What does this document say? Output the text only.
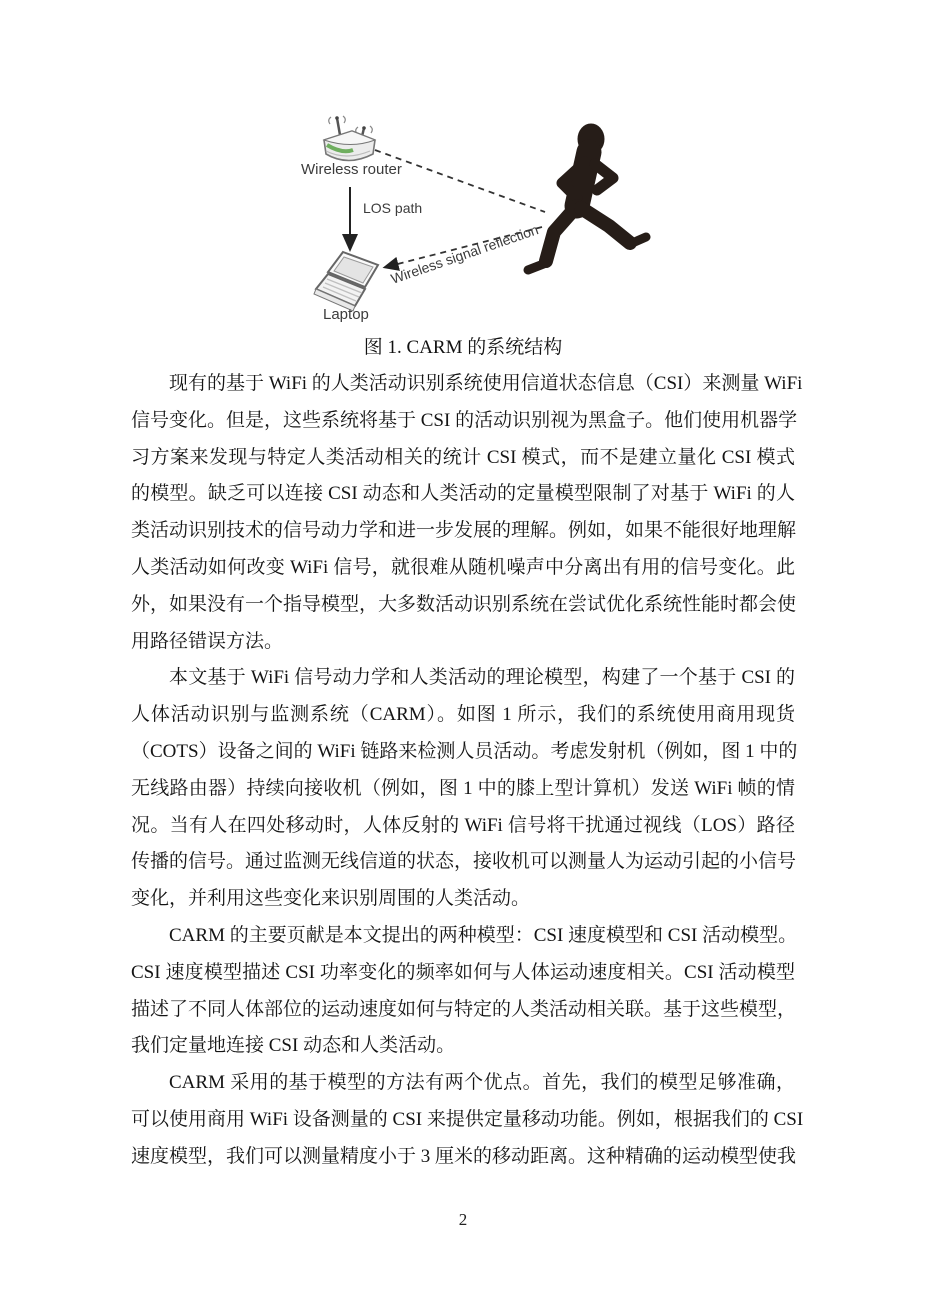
Wireless router
LOS path
Laptop
Wireless signal reflection
图 1. CARM 的系统结构
现有的基于 WiFi 的人类活动识别系统使用信道状态信息（CSI）来测量 WiFi
信号变化。但是，这些系统将基于 CSI 的活动识别视为黑盒子。他们使用机器学
习方案来发现与特定人类活动相关的统计 CSI 模式，而不是建立量化 CSI 模式
的模型。缺乏可以连接 CSI 动态和人类活动的定量模型限制了对基于 WiFi 的人
类活动识别技术的信号动力学和进一步发展的理解。例如，如果不能很好地理解
人类活动如何改变 WiFi 信号，就很难从随机噪声中分离出有用的信号变化。此
外，如果没有一个指导模型，大多数活动识别系统在尝试优化系统性能时都会使
用路径错误方法。
本文基于 WiFi 信号动力学和人类活动的理论模型，构建了一个基于 CSI 的
人体活动识别与监测系统（CARM）。如图 1 所示，我们的系统使用商用现货
（COTS）设备之间的 WiFi 链路来检测人员活动。考虑发射机（例如，图 1 中的
无线路由器）持续向接收机（例如，图 1 中的膝上型计算机）发送 WiFi 帧的情
况。当有人在四处移动时，人体反射的 WiFi 信号将干扰通过视线（LOS）路径
传播的信号。通过监测无线信道的状态，接收机可以测量人为运动引起的小信号
变化，并利用这些变化来识别周围的人类活动。
CARM 的主要页献是本文提出的两种模型：CSI 速度模型和 CSI 活动模型。
CSI 速度模型描述 CSI 功率变化的频率如何与人体运动速度相关。CSI 活动模型
描述了不同人体部位的运动速度如何与特定的人类活动相关联。基于这些模型，
我们定量地连接 CSI 动态和人类活动。
CARM 采用的基于模型的方法有两个优点。首先，我们的模型足够准确，
可以使用商用 WiFi 设备测量的 CSI 来提供定量移动功能。例如，根据我们的 CSI
速度模型，我们可以测量精度小于 3 厘米的移动距离。这种精确的运动模型使我
2
